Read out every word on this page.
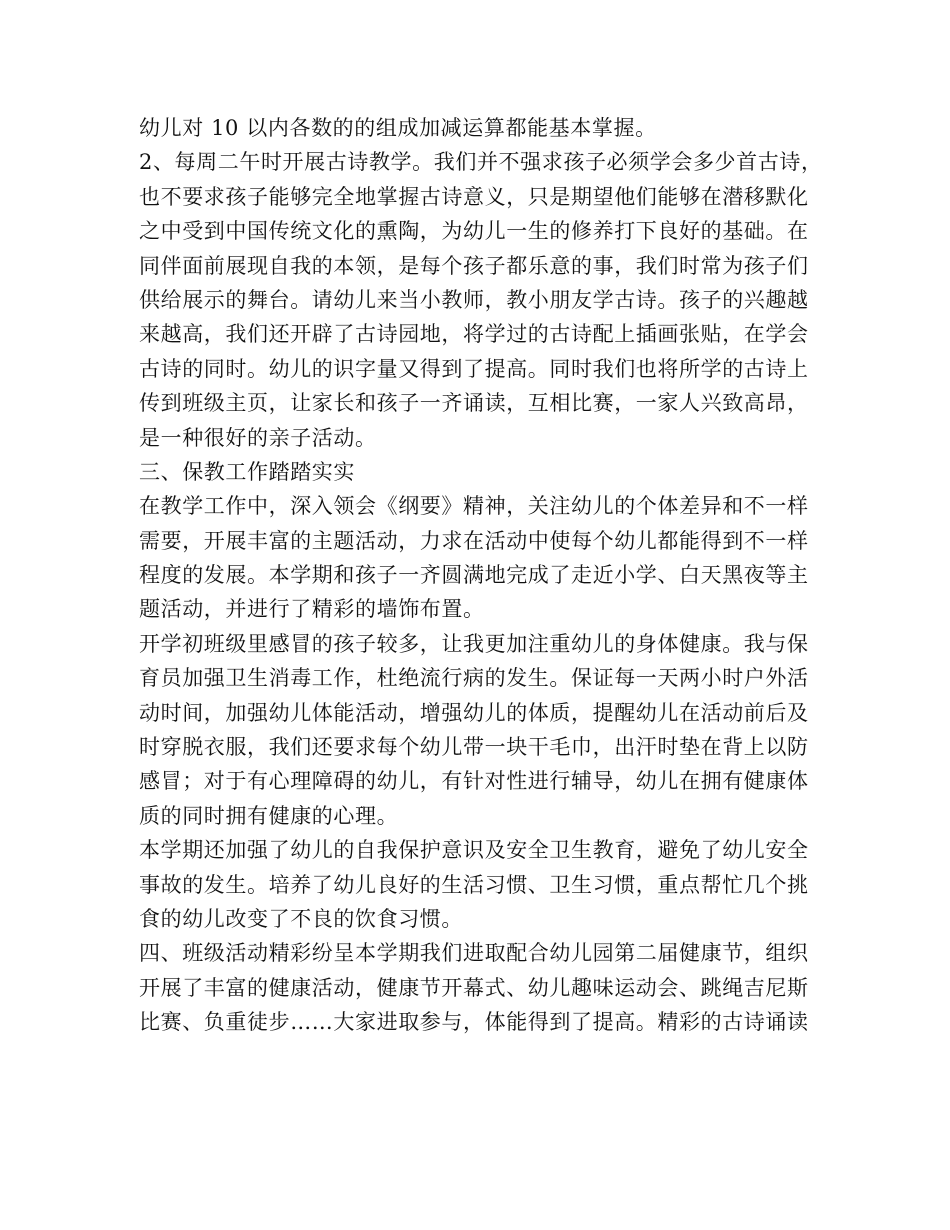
幼儿对 10 以内各数的的组成加减运算都能基本掌握。
2、每周二午时开展古诗教学。我们并不强求孩子必须学会多少首古诗，
也不要求孩子能够完全地掌握古诗意义，只是期望他们能够在潜移默化
之中受到中国传统文化的熏陶，为幼儿一生的修养打下良好的基础。在
同伴面前展现自我的本领，是每个孩子都乐意的事，我们时常为孩子们
供给展示的舞台。请幼儿来当小教师，教小朋友学古诗。孩子的兴趣越
来越高，我们还开辟了古诗园地，将学过的古诗配上插画张贴，在学会
古诗的同时。幼儿的识字量又得到了提高。同时我们也将所学的古诗上
传到班级主页，让家长和孩子一齐诵读，互相比赛，一家人兴致高昂，
是一种很好的亲子活动。
三、保教工作踏踏实实
在教学工作中，深入领会《纲要》精神，关注幼儿的个体差异和不一样
需要，开展丰富的主题活动，力求在活动中使每个幼儿都能得到不一样
程度的发展。本学期和孩子一齐圆满地完成了走近小学、白天黑夜等主
题活动，并进行了精彩的墙饰布置。
开学初班级里感冒的孩子较多，让我更加注重幼儿的身体健康。我与保
育员加强卫生消毒工作，杜绝流行病的发生。保证每一天两小时户外活
动时间，加强幼儿体能活动，增强幼儿的体质，提醒幼儿在活动前后及
时穿脱衣服，我们还要求每个幼儿带一块干毛巾，出汗时垫在背上以防
感冒；对于有心理障碍的幼儿，有针对性进行辅导，幼儿在拥有健康体
质的同时拥有健康的心理。
本学期还加强了幼儿的自我保护意识及安全卫生教育，避免了幼儿安全
事故的发生。培养了幼儿良好的生活习惯、卫生习惯，重点帮忙几个挑
食的幼儿改变了不良的饮食习惯。
四、班级活动精彩纷呈本学期我们进取配合幼儿园第二届健康节，组织
开展了丰富的健康活动，健康节开幕式、幼儿趣味运动会、跳绳吉尼斯
比赛、负重徒步……大家进取参与，体能得到了提高。精彩的古诗诵读
